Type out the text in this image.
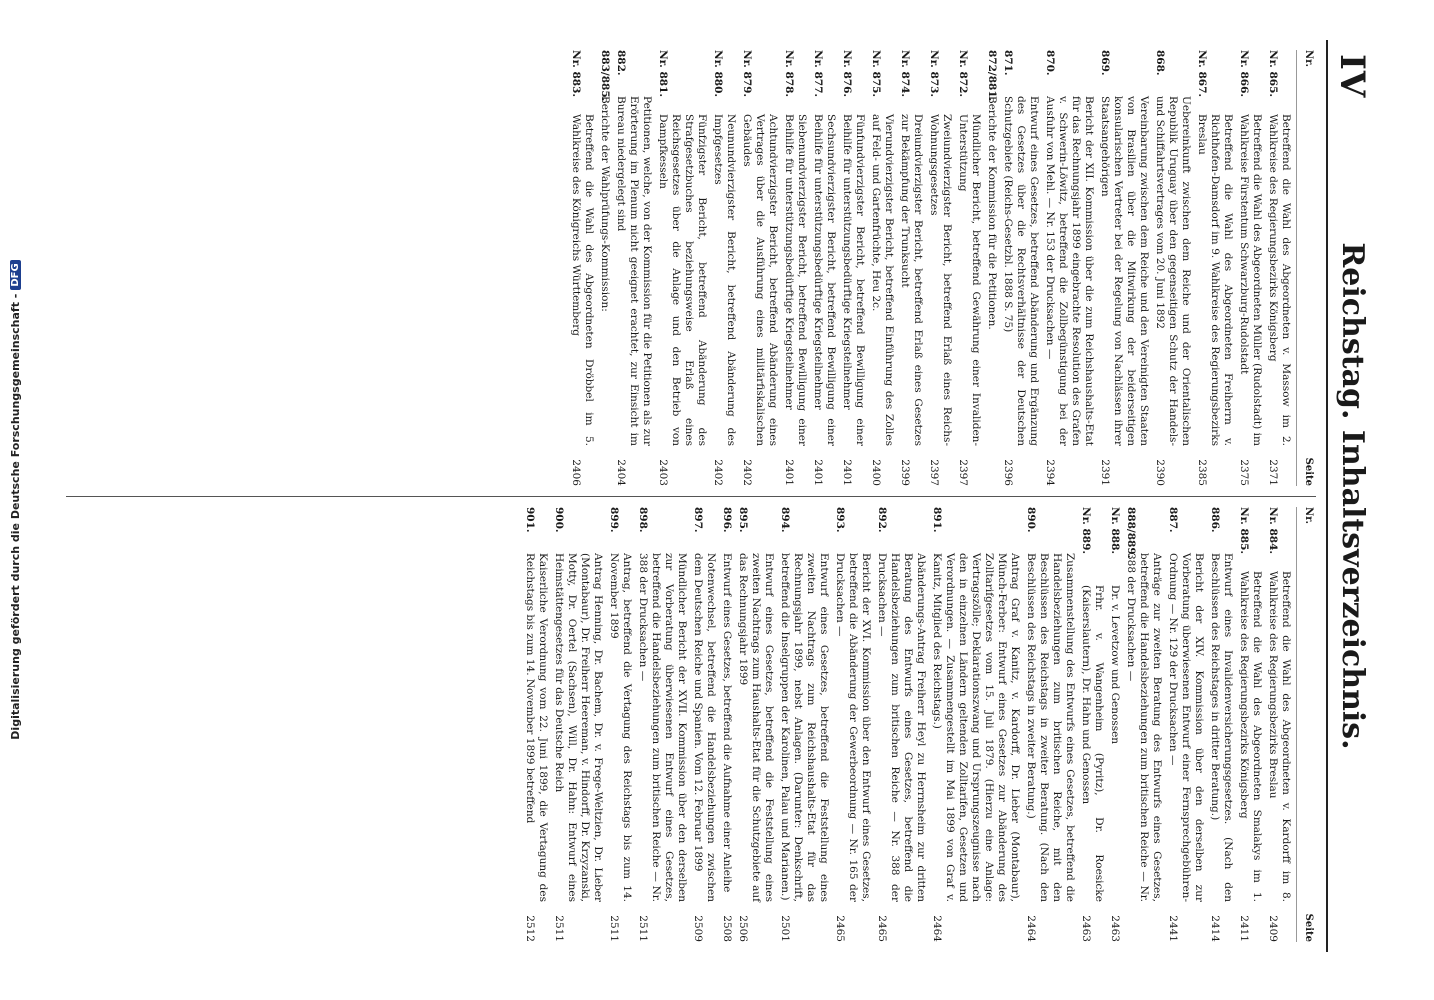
IV
Reichstag. Inhaltsverzeichnis.
Nr.
Seite
Nr. 865.
Betreffend die Wahl des Abgeordneten v. Massow im 2. Wahlkreise des Regierungsbezirks Königsberg
2371
Nr. 866.
Betreffend die Wahl des Abgeordneten Müller (Rudolstadt) im Wahlkreise Fürstentum Schwarzburg-Rudolstadt
2375
Nr. 867.
Betreffend die Wahl des Abgeordneten Freiherrn v. Richthofen-Damsdorf im 9. Wahlkreise des Regierungsbezirks Breslau
2385
868.
Uebereinkunft zwischen dem Reiche und der Orientalischen Republik Uruguay über den gegenseitigen Schutz der Handels- und Schiffahrtsvertrages vom 20. Juni 1892
2390
869.
Vereinbarung zwischen dem Reiche und den Vereinigten Staaten von Brasilien über die Mitwirkung der beiderseitigen konsularischen Vertreter bei der Regelung von Nachlässen ihrer Staatsangehörigen
2391
870.
Bericht der XII. Kommission über die zum Reichshaushalts-Etat für das Rechnungsjahr 1899 eingebrachte Resolution des Grafen v. Schwerin-Löwitz, betreffend die Zollbegünstigung bei der Ausfuhr von Mehl. — Nr. 153 der Drucksachen —
2394
871.
Entwurf eines Gesetzes, betreffend Abänderung und Ergänzung des Gesetzes über die Rechtsverhältnisse der Deutschen Schutzgebiete (Reichs-Gesetzbl. 1888 S. 75)
2396
872/881.
Berichte der Kommission für die Petitionen.
Nr. 872.
Mündlicher Bericht, betreffend Gewährung einer Invaliden-Unterstützung
2397
Nr. 873.
Zweiundvierzigster Bericht, betreffend Erlaß eines Reichs-Wohnungsgesetzes
2397
Nr. 874.
Dreiundvierzigster Bericht, betreffend Erlaß eines Gesetzes zur Bekämpfung der Trunksucht
2399
Nr. 875.
Vierundvierzigster Bericht, betreffend Einführung des Zolles auf Feld- und Gartenfrüchte, Heu 2c.
2400
Nr. 876.
Fünfundvierzigster Bericht, betreffend Bewilligung einer Beihilfe für unterstützungsbedürftige Kriegsteilnehmer
2401
Nr. 877.
Sechsundvierzigster Bericht, betreffend Bewilligung einer Beihilfe für unterstützungsbedürftige Kriegsteilnehmer
2401
Nr. 878.
Siebenundvierzigster Bericht, betreffend Bewilligung einer Beihilfe für unterstützungsbedürftige Kriegsteilnehmer
2401
Nr. 879.
Achtundvierzigster Bericht, betreffend Abänderung eines Vertrages über die Ausführung eines militärfiskalischen Gebäudes
2402
Nr. 880.
Neunundvierzigster Bericht, betreffend Abänderung des Impfgesetzes
2402
Nr. 881.
Fünfzigster Bericht, betreffend Abänderung des Strafgesetzbuches beziehungsweise Erlaß eines Reichsgesetzes über die Anlage und den Betrieb von Dampfkesseln
2403
882.
Petitionen, welche, von der Kommission für die Petitionen als zur Erörterung im Plenum nicht geeignet erachtet, zur Einsicht im Bureau niedergelegt sind
2404
883/885.
Berichte der Wahlprüfungs-Kommission:
Nr. 883.
Betreffend die Wahl des Abgeordneten Dröbbel im 5. Wahlkreise des Königreichs Württemberg
2406
Nr.
Seite
Nr. 884.
Betreffend die Wahl des Abgeordneten v. Kardorff im 8. Wahlkreise des Regierungsbezirks Breslau
2409
Nr. 885.
Betreffend die Wahl des Abgeordneten Smalakys im 1. Wahlkreise des Regierungsbezirks Königsberg
2411
886.
Entwurf eines Invalidenversicherungsgesetzes. (Nach den Beschlüssen des Reichstages in dritter Beratung.)
2414
887.
Bericht der XIV. Kommission über den derselben zur Vorberatung überwiesenen Entwurf einer Fernsprechgebühren-Ordnung — Nr. 129 der Drucksachen —
2441
888/889.
Anträge zur zweiten Beratung des Entwurfs eines Gesetzes, betreffend die Handelsbeziehungen zum britischen Reiche — Nr. 388 der Drucksachen —
Nr. 888.
Dr. v. Levetzow und Genossen
2463
Nr. 889.
Frhr. v. Wangenheim (Pyritz), Dr. Roesicke (Kaiserslautern), Dr. Hahn und Genossen
2463
890.
Zusammenstellung des Entwurfs eines Gesetzes, betreffend die Handelsbeziehungen zum britischen Reiche, mit den Beschlüssen des Reichstags in zweiter Beratung. (Nach den Beschlüssen des Reichstags in zweiter Beratung.)
2464
891.
Antrag Graf v. Kanitz, v. Kardorff, Dr. Lieber (Montabaur), Münch-Ferber: Entwurf eines Gesetzes zur Abänderung des Zolltarifgesetzes vom 15. Juli 1879. (Hierzu eine Anlage: Vertragszölle; Deklarationszwang und Ursprungszeugnisse nach den in einzelnen Ländern geltenden Zolltarifen, Gesetzen und Verordnungen. — Zusammengestellt im Mai 1899 von Graf v. Kanitz, Mitglied des Reichstags.)
2464
892.
Abänderungs-Antrag Freiherr Heyl zu Herrnsheim zur dritten Beratung des Entwurfs eines Gesetzes, betreffend die Handelsbeziehungen zum britischen Reiche — Nr. 388 der Drucksachen —
2465
893.
Bericht der XVI. Kommission über den Entwurf eines Gesetzes, betreffend die Abänderung der Gewerbeordnung — Nr. 165 der Drucksachen —
2465
894.
Entwurf eines Gesetzes, betreffend die Feststellung eines zweiten Nachtrags zum Reichshaushalts-Etat für das Rechnungsjahr 1899, nebst Anlagen. (Darunter: Denkschrift, betreffend die Inselgruppen der Karolinen, Palau und Marianen.)
2501
895.
Entwurf eines Gesetzes, betreffend die Feststellung eines zweiten Nachtrags zum Haushalts-Etat für die Schutzgebiete auf das Rechnungsjahr 1899
2506
896.
Entwurf eines Gesetzes, betreffend die Aufnahme einer Anleihe
2508
897.
Notenwechsel, betreffend die Handelsbeziehungen zwischen dem Deutschen Reiche und Spanien. Vom 12. Februar 1899
2509
898.
Mündlicher Bericht der XVII. Kommission über den derselben zur Vorberatung überwiesenen Entwurf eines Gesetzes, betreffend die Handelsbeziehungen zum britischen Reiche — Nr. 388 der Drucksachen —
2511
899.
Antrag, betreffend die Vertagung des Reichstags bis zum 14. November 1899
2511
900.
Antrag Henning, Dr. Bachem, Dr. v. Frege-Weltzien, Dr. Lieber (Montabaur), Dr. Freiherr Heereman, v. Hindorff, Dr. Krzyzanski, Motty, Dr. Oertel (Sachsen), Will, Dr. Hahn: Entwurf eines Heimstättengesetzes für das Deutsche Reich
2511
901.
Kaiserliche Verordnung vom 22. Juni 1899, die Vertagung des Reichstags bis zum 14. November 1899 betreffend
2512
Digitalisierung gefördert durch die Deutsche Forschungsgemeinschaft -
DFG
